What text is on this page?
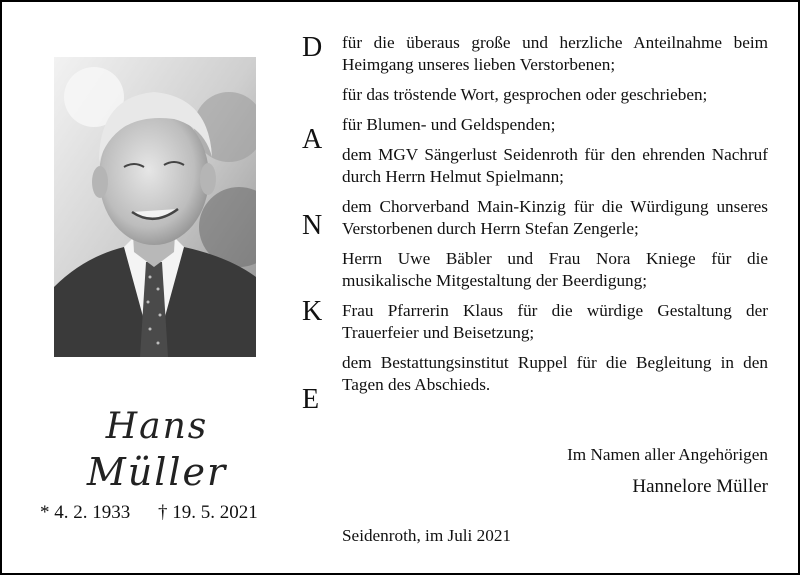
Hans
Müller
* 4. 2. 1933 † 19. 5. 2021
D
A
N
K
E

für die überaus große und herzliche Anteilnahme beim Heimgang unseres lieben Verstorbenen;

für das tröstende Wort, gesprochen oder geschrieben;

für Blumen- und Geldspenden;

dem MGV Sängerlust Seidenroth für den ehrenden Nachruf durch Herrn Helmut Spielmann;

dem Chorverband Main-Kinzig für die Würdigung unseres Verstorbenen durch Herrn Stefan Zengerle;

Herrn Uwe Bäbler und Frau Nora Kniege für die musikalische Mitgestaltung der Beerdigung;

Frau Pfarrerin Klaus für die würdige Gestaltung der Trauerfeier und Beisetzung;

dem Bestattungsinstitut Ruppel für die Begleitung in den Tagen des Abschieds.

Im Namen aller Angehörigen
Hannelore Müller
Seidenroth, im Juli 2021
